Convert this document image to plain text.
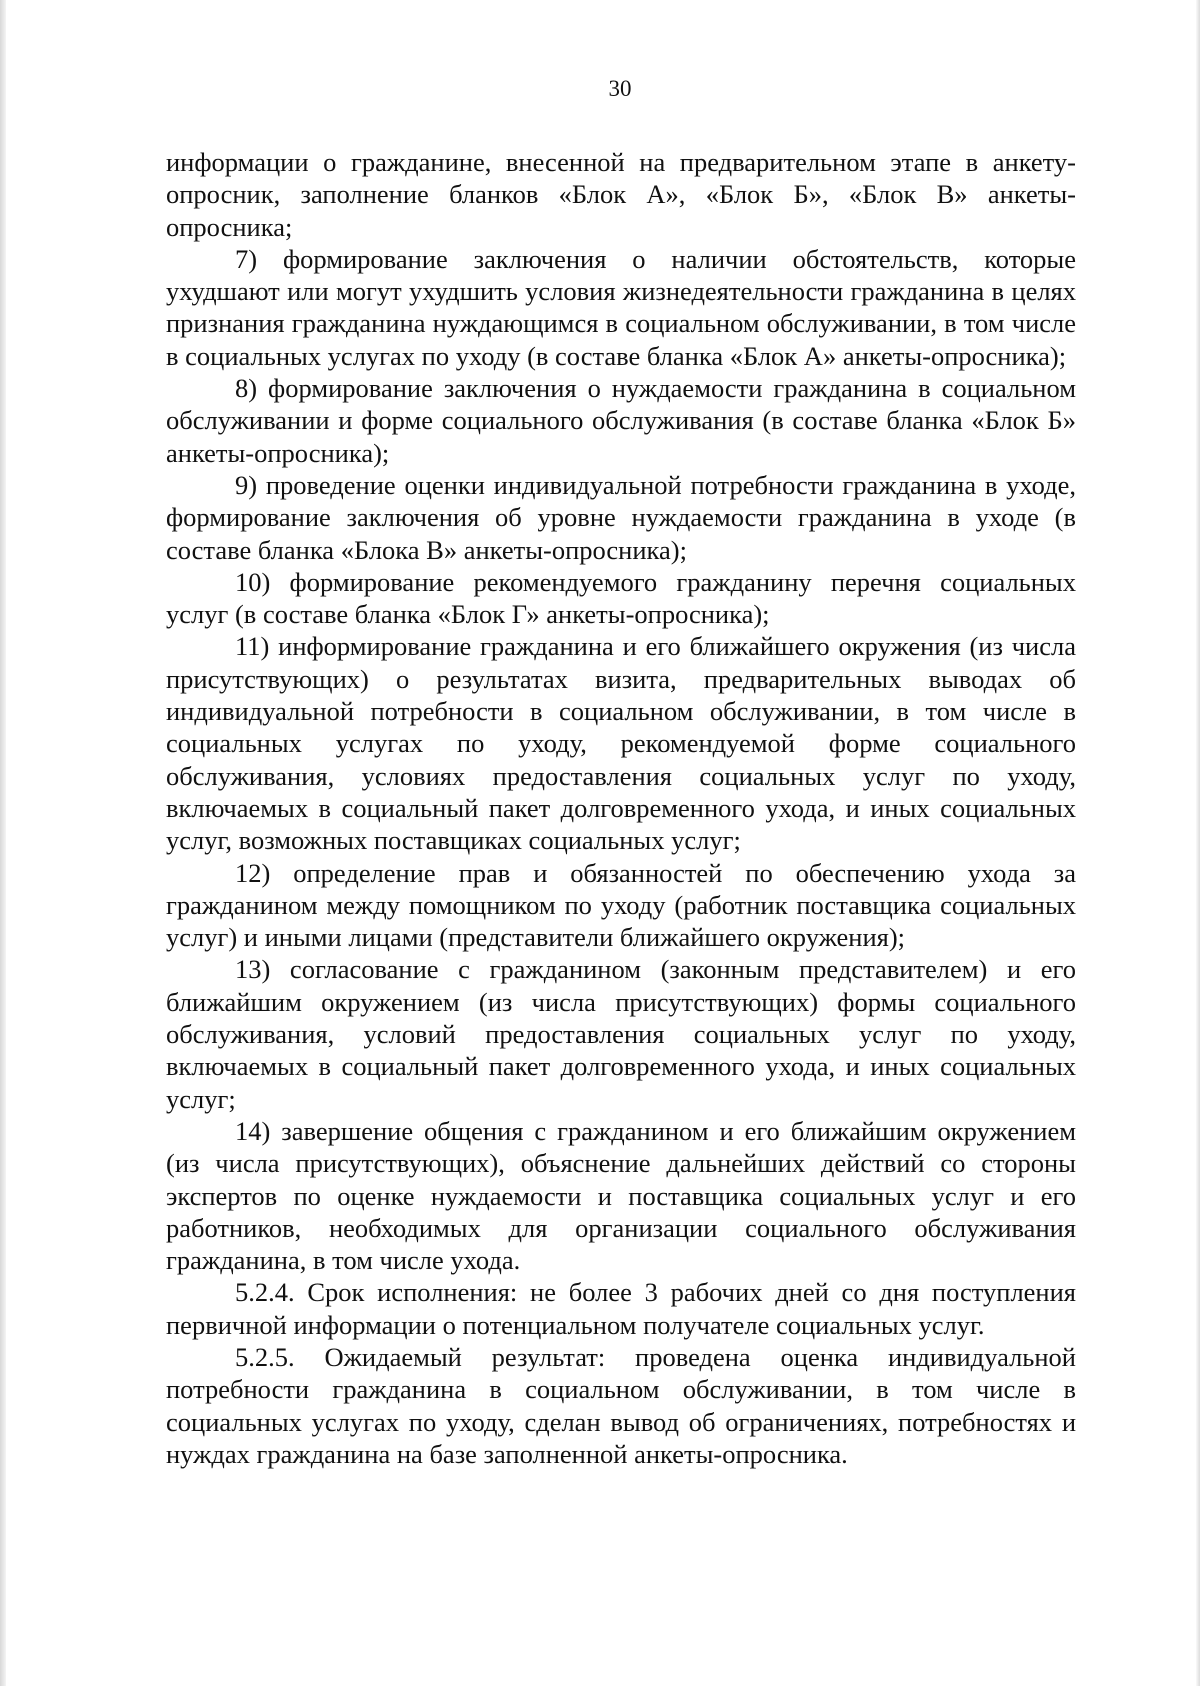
30

информации о гражданине, внесенной на предварительном этапе в анкету-опросник, заполнение бланков «Блок А», «Блок Б», «Блок В» анкеты-опросника;

7) формирование заключения о наличии обстоятельств, которые ухудшают или могут ухудшить условия жизнедеятельности гражданина в целях признания гражданина нуждающимся в социальном обслуживании, в том числе в социальных услугах по уходу (в составе бланка «Блок А» анкеты-опросника);

8) формирование заключения о нуждаемости гражданина в социальном обслуживании и форме социального обслуживания (в составе бланка «Блок Б» анкеты-опросника);

9) проведение оценки индивидуальной потребности гражданина в уходе, формирование заключения об уровне нуждаемости гражданина в уходе (в составе бланка «Блока В» анкеты-опросника);

10) формирование рекомендуемого гражданину перечня социальных услуг (в составе бланка «Блок Г» анкеты-опросника);

11) информирование гражданина и его ближайшего окружения (из числа присутствующих) о результатах визита, предварительных выводах об индивидуальной потребности в социальном обслуживании, в том числе в социальных услугах по уходу, рекомендуемой форме социального обслуживания, условиях предоставления социальных услуг по уходу, включаемых в социальный пакет долговременного ухода, и иных социальных услуг, возможных поставщиках социальных услуг;

12) определение прав и обязанностей по обеспечению ухода за гражданином между помощником по уходу (работник поставщика социальных услуг) и иными лицами (представители ближайшего окружения);

13) согласование с гражданином (законным представителем) и его ближайшим окружением (из числа присутствующих) формы социального обслуживания, условий предоставления социальных услуг по уходу, включаемых в социальный пакет долговременного ухода, и иных социальных услуг;

14) завершение общения с гражданином и его ближайшим окружением (из числа присутствующих), объяснение дальнейших действий со стороны экспертов по оценке нуждаемости и поставщика социальных услуг и его работников, необходимых для организации социального обслуживания гражданина, в том числе ухода.

5.2.4. Срок исполнения: не более 3 рабочих дней со дня поступления первичной информации о потенциальном получателе социальных услуг.

5.2.5. Ожидаемый результат: проведена оценка индивидуальной потребности гражданина в социальном обслуживании, в том числе в социальных услугах по уходу, сделан вывод об ограничениях, потребностях и нуждах гражданина на базе заполненной анкеты-опросника.
